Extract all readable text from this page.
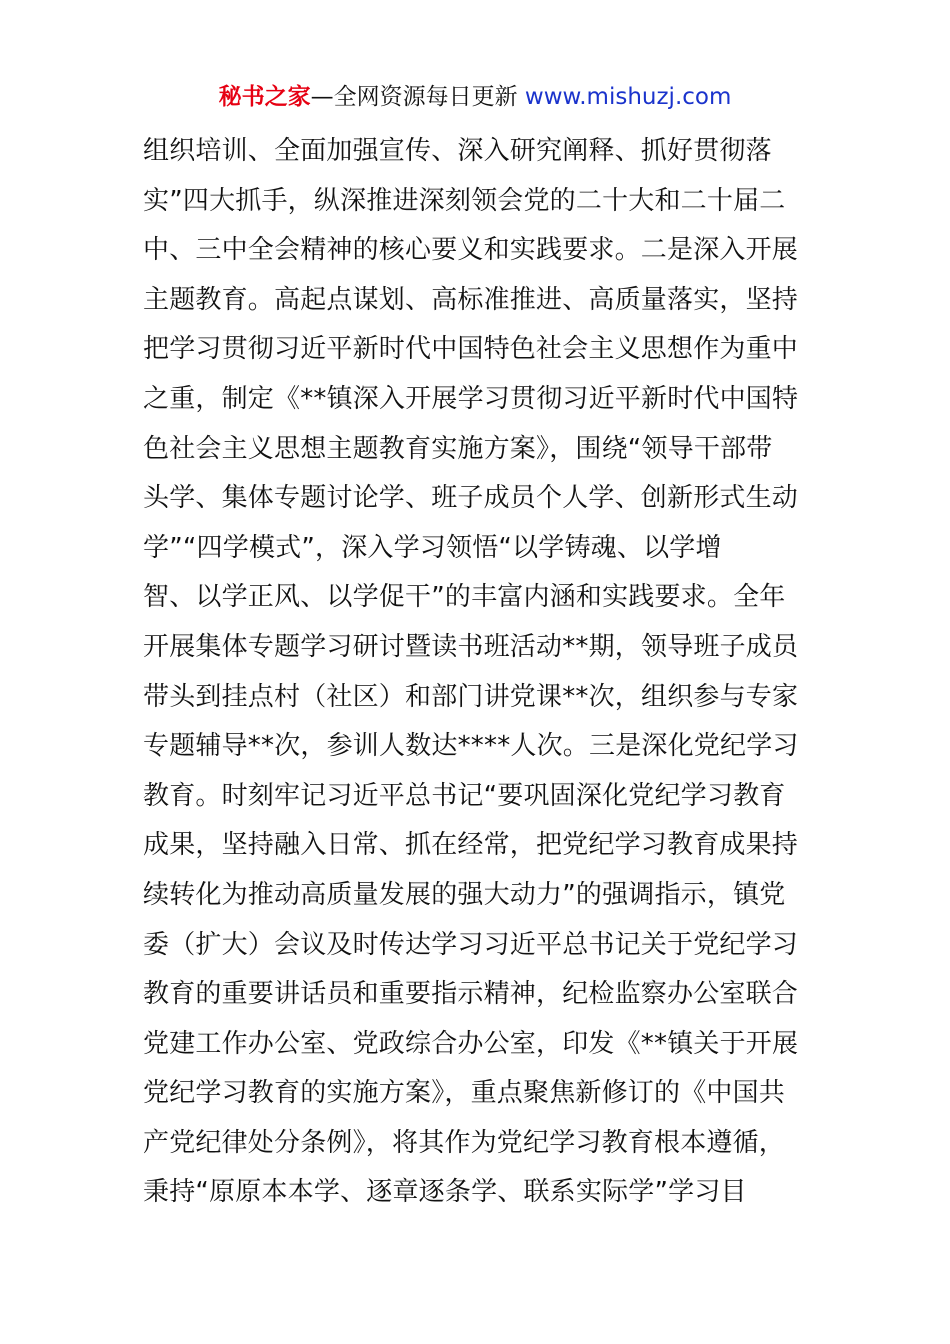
秘书之家—全网资源每日更新 www.mishuzj.com
组织培训、全面加强宣传、深入研究阐释、抓好贯彻落
实”四大抓手，纵深推进深刻领会党的二十大和二十届二
中、三中全会精神的核心要义和实践要求。二是深入开展
主题教育。高起点谋划、高标准推进、高质量落实，坚持
把学习贯彻习近平新时代中国特色社会主义思想作为重中
之重，制定《**镇深入开展学习贯彻习近平新时代中国特
色社会主义思想主题教育实施方案》，围绕“领导干部带
头学、集体专题讨论学、班子成员个人学、创新形式生动
学”“四学模式”，深入学习领悟“以学铸魂、以学增
智、以学正风、以学促干”的丰富内涵和实践要求。全年
开展集体专题学习研讨暨读书班活动**期，领导班子成员
带头到挂点村（社区）和部门讲党课**次，组织参与专家
专题辅导**次，参训人数达****人次。三是深化党纪学习
教育。时刻牢记习近平总书记“要巩固深化党纪学习教育
成果，坚持融入日常、抓在经常，把党纪学习教育成果持
续转化为推动高质量发展的强大动力”的强调指示，镇党
委（扩大）会议及时传达学习习近平总书记关于党纪学习
教育的重要讲话员和重要指示精神，纪检监察办公室联合
党建工作办公室、党政综合办公室，印发《**镇关于开展
党纪学习教育的实施方案》，重点聚焦新修订的《中国共
产党纪律处分条例》，将其作为党纪学习教育根本遵循，
秉持“原原本本学、逐章逐条学、联系实际学”学习目
